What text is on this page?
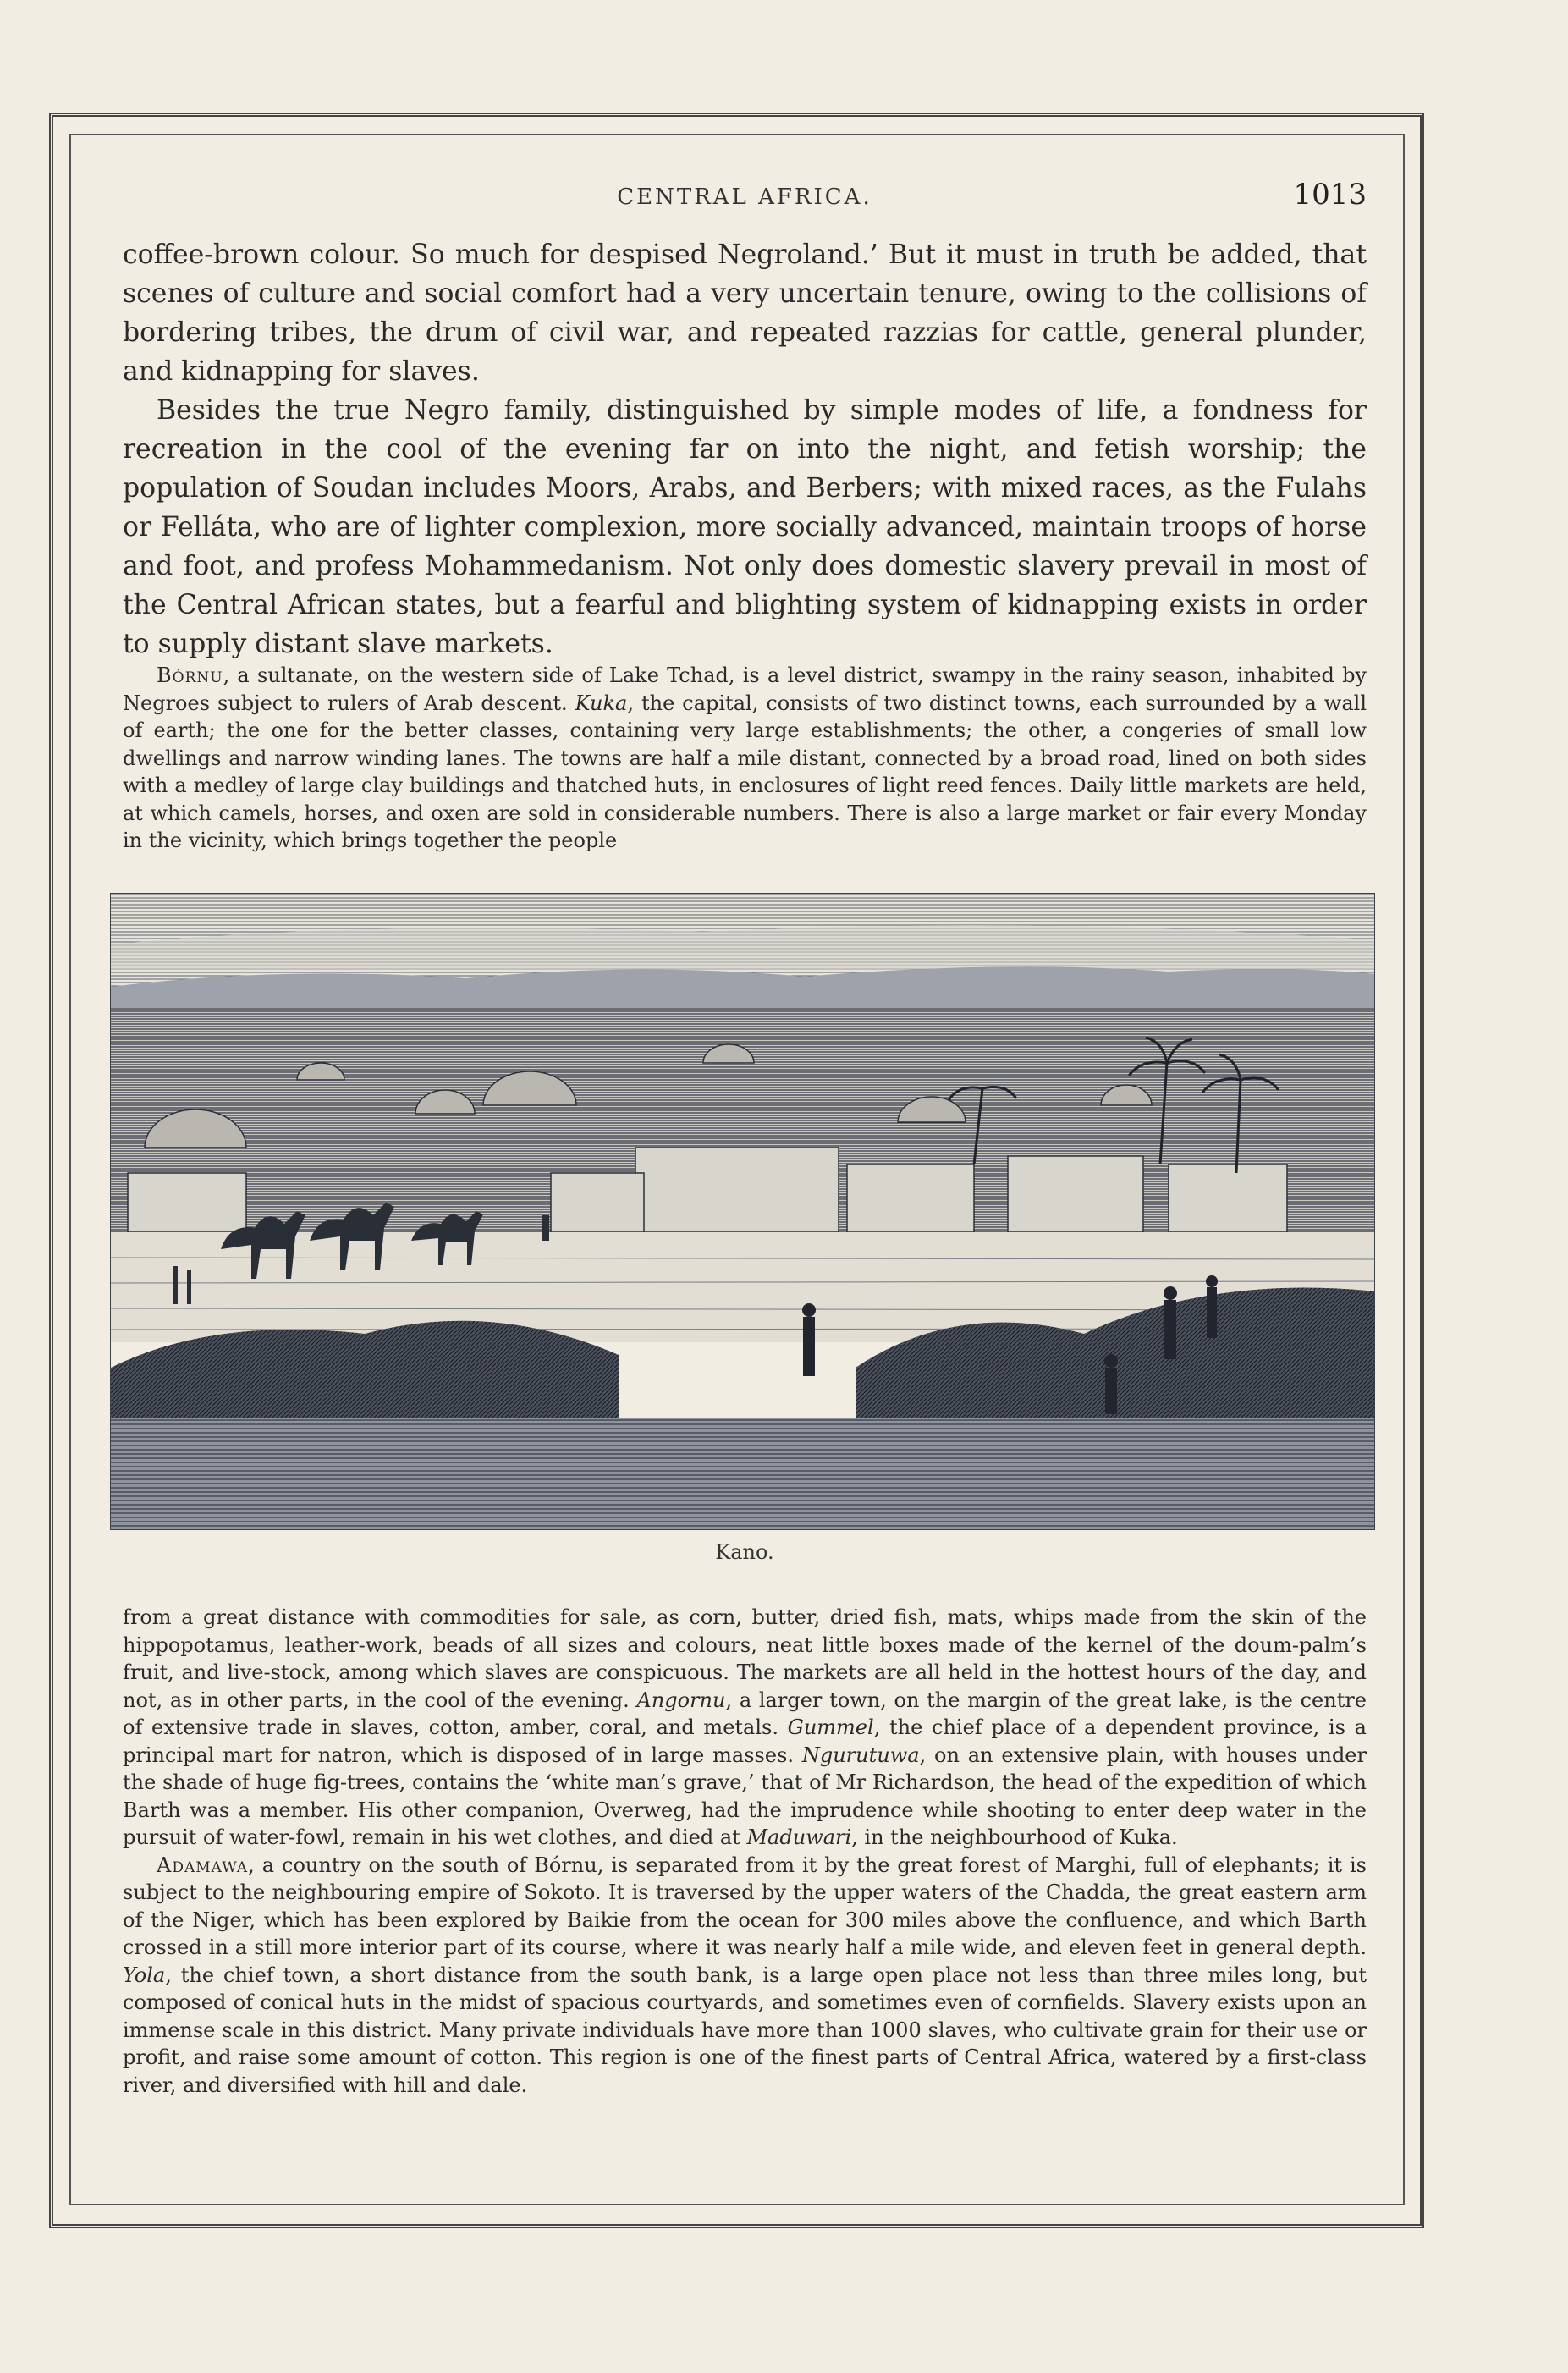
CENTRAL AFRICA.	1013

coffee-brown colour. So much for despised Negroland.’ But it must in truth be added, that scenes of culture and social comfort had a very uncertain tenure, owing to the collisions of bordering tribes, the drum of civil war, and repeated razzias for cattle, general plunder, and kidnapping for slaves.

Besides the true Negro family, distinguished by simple modes of life, a fondness for recreation in the cool of the evening far on into the night, and fetish worship; the population of Soudan includes Moors, Arabs, and Berbers; with mixed races, as the Fulahs or Felláta, who are of lighter complexion, more socially advanced, maintain troops of horse and foot, and profess Mohammedanism. Not only does domestic slavery prevail in most of the Central African states, but a fearful and blighting system of kidnapping exists in order to supply distant slave markets.

Bórnu, a sultanate, on the western side of Lake Tchad, is a level district, swampy in the rainy season, inhabited by Negroes subject to rulers of Arab descent. Kuka, the capital, consists of two distinct towns, each surrounded by a wall of earth; the one for the better classes, containing very large establishments; the other, a congeries of small low dwellings and narrow winding lanes. The towns are half a mile distant, connected by a broad road, lined on both sides with a medley of large clay buildings and thatched huts, in enclosures of light reed fences. Daily little markets are held, at which camels, horses, and oxen are sold in considerable numbers. There is also a large market or fair every Monday in the vicinity, which brings together the people

Kano.

from a great distance with commodities for sale, as corn, butter, dried fish, mats, whips made from the skin of the hippopotamus, leather-work, beads of all sizes and colours, neat little boxes made of the kernel of the doum-palm’s fruit, and live-stock, among which slaves are conspicuous. The markets are all held in the hottest hours of the day, and not, as in other parts, in the cool of the evening. Angornu, a larger town, on the margin of the great lake, is the centre of extensive trade in slaves, cotton, amber, coral, and metals. Gummel, the chief place of a dependent province, is a principal mart for natron, which is disposed of in large masses. Ngurutuwa, on an extensive plain, with houses under the shade of huge fig-trees, contains the ‘white man’s grave,’ that of Mr Richardson, the head of the expedition of which Barth was a member. His other companion, Overweg, had the imprudence while shooting to enter deep water in the pursuit of water-fowl, remain in his wet clothes, and died at Maduwari, in the neighbourhood of Kuka.

Adamawa, a country on the south of Bórnu, is separated from it by the great forest of Marghi, full of elephants; it is subject to the neighbouring empire of Sokoto. It is traversed by the upper waters of the Chadda, the great eastern arm of the Niger, which has been explored by Baikie from the ocean for 300 miles above the confluence, and which Barth crossed in a still more interior part of its course, where it was nearly half a mile wide, and eleven feet in general depth. Yola, the chief town, a short distance from the south bank, is a large open place not less than three miles long, but composed of conical huts in the midst of spacious courtyards, and sometimes even of cornfields. Slavery exists upon an immense scale in this district. Many private individuals have more than 1000 slaves, who cultivate grain for their use or profit, and raise some amount of cotton. This region is one of the finest parts of Central Africa, watered by a first-class river, and diversified with hill and dale.
